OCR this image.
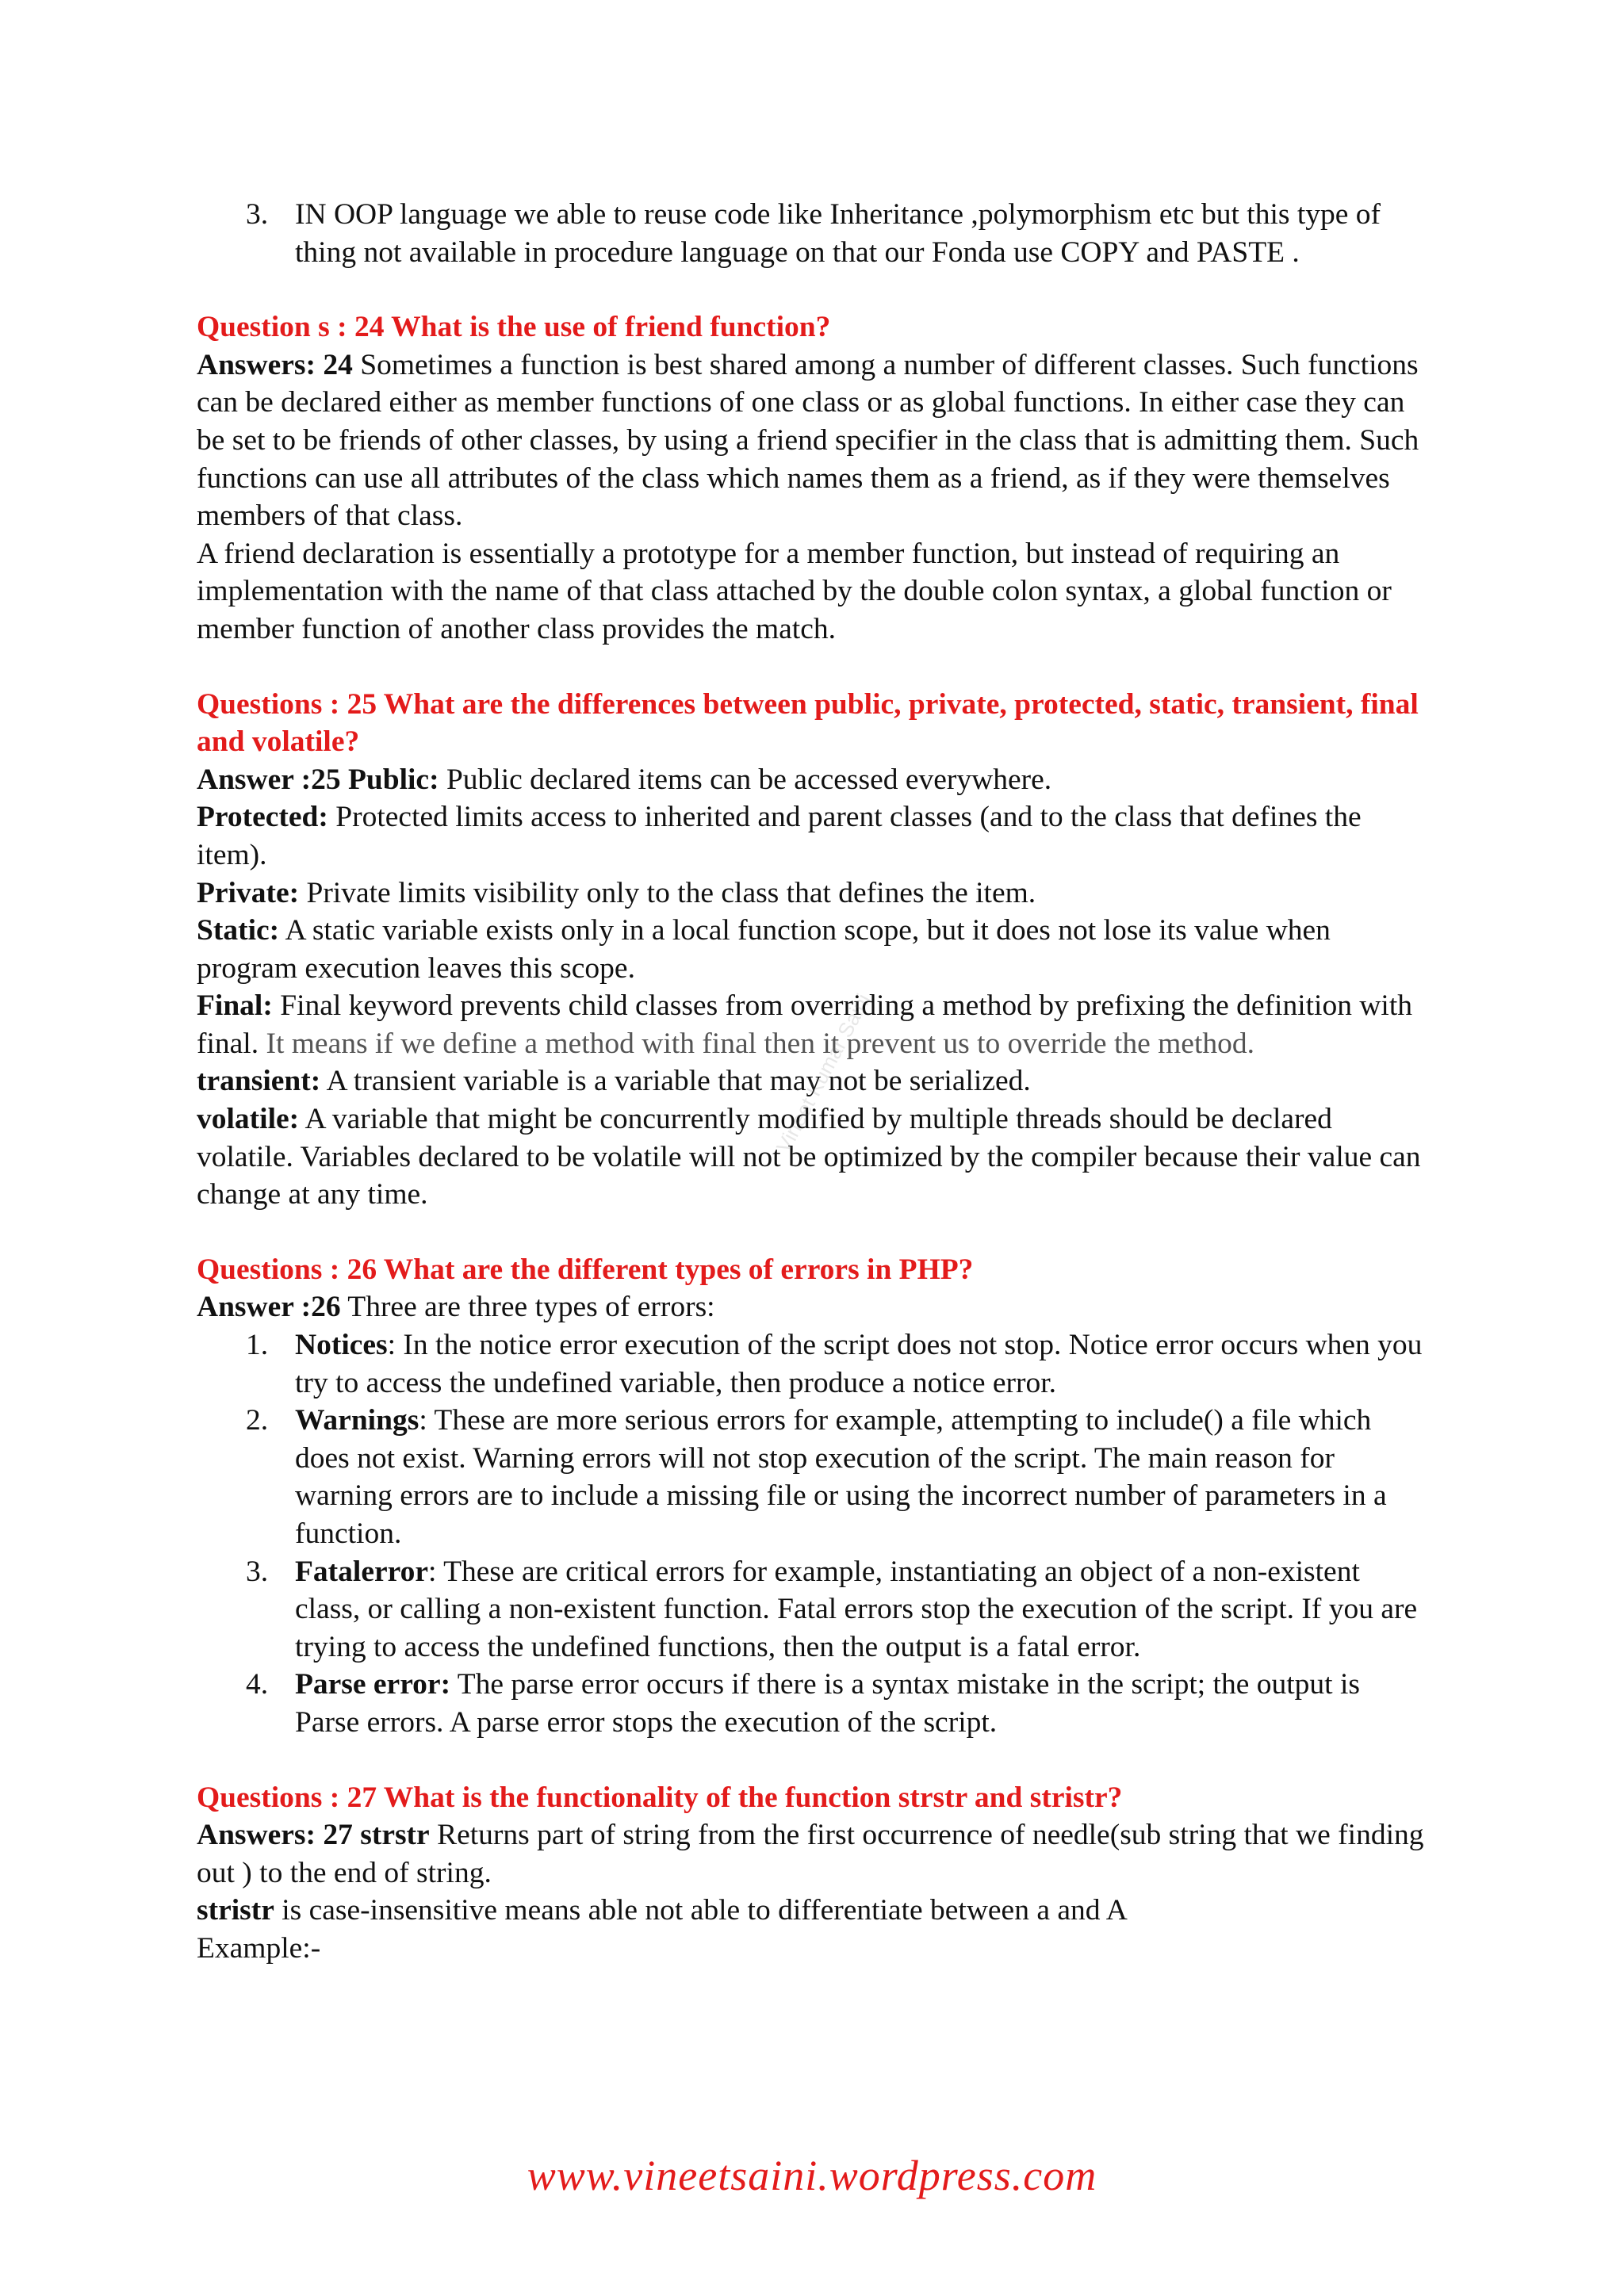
3. IN OOP language we able to reuse code like Inheritance ,polymorphism etc but this type of thing not available in procedure language on that our Fonda use COPY and PASTE .

Question s : 24 What is the use of friend function?

Answers: 24 Sometimes a function is best shared among a number of different classes. Such functions can be declared either as member functions of one class or as global functions. In either case they can be set to be friends of other classes, by using a friend specifier in the class that is admitting them. Such functions can use all attributes of the class which names them as a friend, as if they were themselves members of that class.

A friend declaration is essentially a prototype for a member function, but instead of requiring an implementation with the name of that class attached by the double colon syntax, a global function or member function of another class provides the match.

Questions : 25 What are the differences between public, private, protected, static, transient, final and volatile?

Answer :25 Public: Public declared items can be accessed everywhere.

Protected: Protected limits access to inherited and parent classes (and to the class that defines the item).

Private: Private limits visibility only to the class that defines the item.

Static: A static variable exists only in a local function scope, but it does not lose its value when program execution leaves this scope.

Final: Final keyword prevents child classes from overriding a method by prefixing the definition with final. It means if we define a method with final then it prevent us to override the method.

transient: A transient variable is a variable that may not be serialized.

volatile: A variable that might be concurrently modified by multiple threads should be declared volatile. Variables declared to be volatile will not be optimized by the compiler because their value can change at any time.

Questions : 26 What are the different types of errors in PHP?

Answer :26 Three are three types of errors:

1. Notices: In the notice error execution of the script does not stop. Notice error occurs when you try to access the undefined variable, then produce a notice error.
2. Warnings: These are more serious errors for example, attempting to include() a file which does not exist. Warning errors will not stop execution of the script. The main reason for warning errors are to include a missing file or using the incorrect number of parameters in a function.
3. Fatalerror: These are critical errors for example, instantiating an object of a non-existent class, or calling a non-existent function. Fatal errors stop the execution of the script. If you are trying to access the undefined functions, then the output is a fatal error.
4. Parse error: The parse error occurs if there is a syntax mistake in the script; the output is Parse errors. A parse error stops the execution of the script.

Questions : 27 What is the functionality of the function strstr and stristr?

Answers: 27 strstr Returns part of string from the first occurrence of needle(sub string that we finding out ) to the end of string.

stristr is case-insensitive means able not able to differentiate between a and A

Example:-

Vineet Kumar Saini
www.vineetsaini.wordpress.com
